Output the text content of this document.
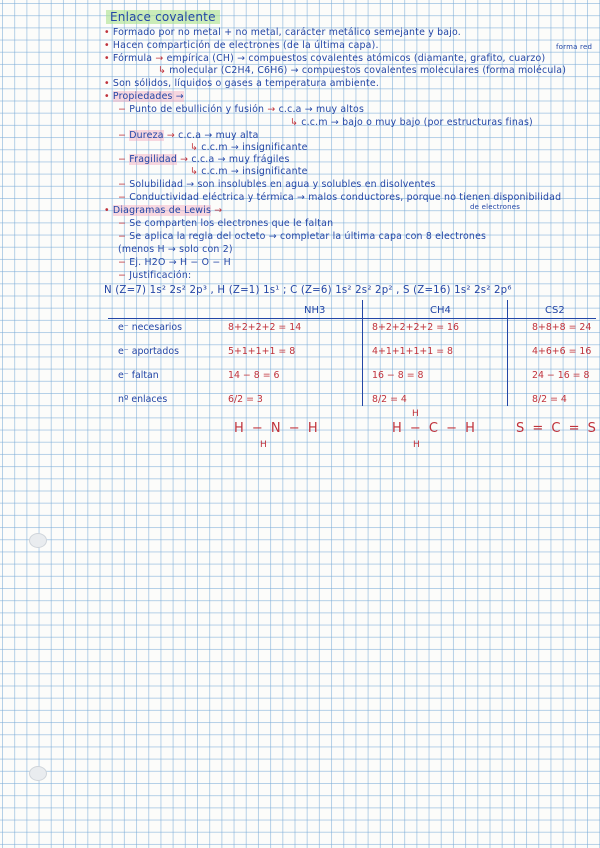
Enlace covalente
• Formado por no metal + no metal, carácter metálico semejante y bajo.
• Hacen compartición de electrones (de la última capa).	forma red
• Fórmula → empírica (CH) → compuestos covalentes atómicos (diamante, grafito, cuarzo)
↳ molecular (C2H4, C6H6) → compuestos covalentes moleculares (forma molécula)
• Son sólidos, líquidos o gases a temperatura ambiente.
• Propiedades →
− Punto de ebullición y fusión → c.c.a → muy altos
↳ c.c.m → bajo o muy bajo (por estructuras finas)
− Dureza → c.c.a → muy alta
↳ c.c.m → insignificante
− Fragilidad → c.c.a → muy frágiles
↳ c.c.m → insignificante
− Solubilidad → son insolubles en agua y solubles en disolventes
− Conductividad eléctrica y térmica → malos conductores, porque no tienen disponibilidad
de electrones
• Diagramas de Lewis →
− Se comparten los electrones que le faltan
− Se aplica la regla del octeto → completar la última capa con 8 electrones
(menos H → solo con 2)
− Ej. H2O → H − O − H
− Justificación:
N (Z=7) 1s² 2s² 2p³ , H (Z=1) 1s¹ ; C (Z=6) 1s² 2s² 2p² , S (Z=16) 1s² 2s² 2p⁶
NH3	CH4	CS2
e⁻ necesarios	8+2+2+2 = 14	8+2+2+2+2 = 16	8+8+8 = 24
e⁻ aportados	5+1+1+1 = 8	4+1+1+1+1 = 8	4+6+6 = 16
e⁻ faltan	14 − 8 = 6	16 − 8 = 8	24 − 16 = 8
nº enlaces	6/2 = 3	8/2 = 4	8/2 = 4
H
H − N − H	H − C − H	S = C = S
H	H
